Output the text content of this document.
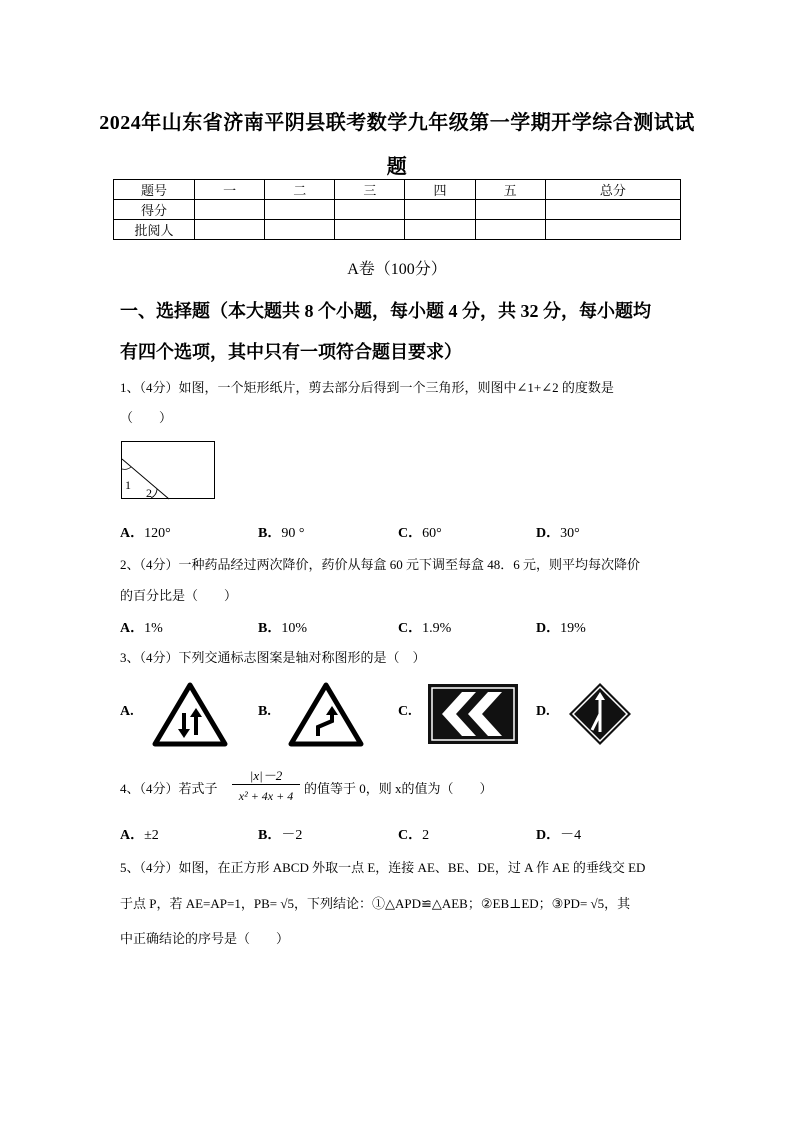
2024年山东省济南平阴县联考数学九年级第一学期开学综合测试试
题
题号	一	二	三	四	五	总分
得分						
批阅人						
A卷（100分）
一、选择题（本大题共 8 个小题，每小题 4 分，共 32 分，每小题均
有四个选项，其中只有一项符合题目要求）
1、（4分）如图，一个矩形纸片，剪去部分后得到一个三角形，则图中∠1+∠2 的度数是
（　　）
1
2
A．120°	B．90 °	C．60°	D．30°
2、（4分）一种药品经过两次降价，药价从每盒 60 元下调至每盒 48．6 元，则平均每次降价
的百分比是（　　）
A．1%	B．10%	C．1.9%	D．19%
3、（4分）下列交通标志图案是轴对称图形的是（　）
A.	B.	C.	D.
4、（4分）若式子
|x|－2
x² + 4x + 4 的值等于 0，则 x的值为（　　）
A．±2	B．－2	C．2	D．－4
5、（4分）如图，在正方形 ABCD 外取一点 E，连接 AE、BE、DE，过 A 作 AE 的垂线交 ED
于点 P，若 AE=AP=1，PB= √5，下列结论：①△APD≌△AEB；②EB⊥ED；③PD= √5，其
中正确结论的序号是（　　）
